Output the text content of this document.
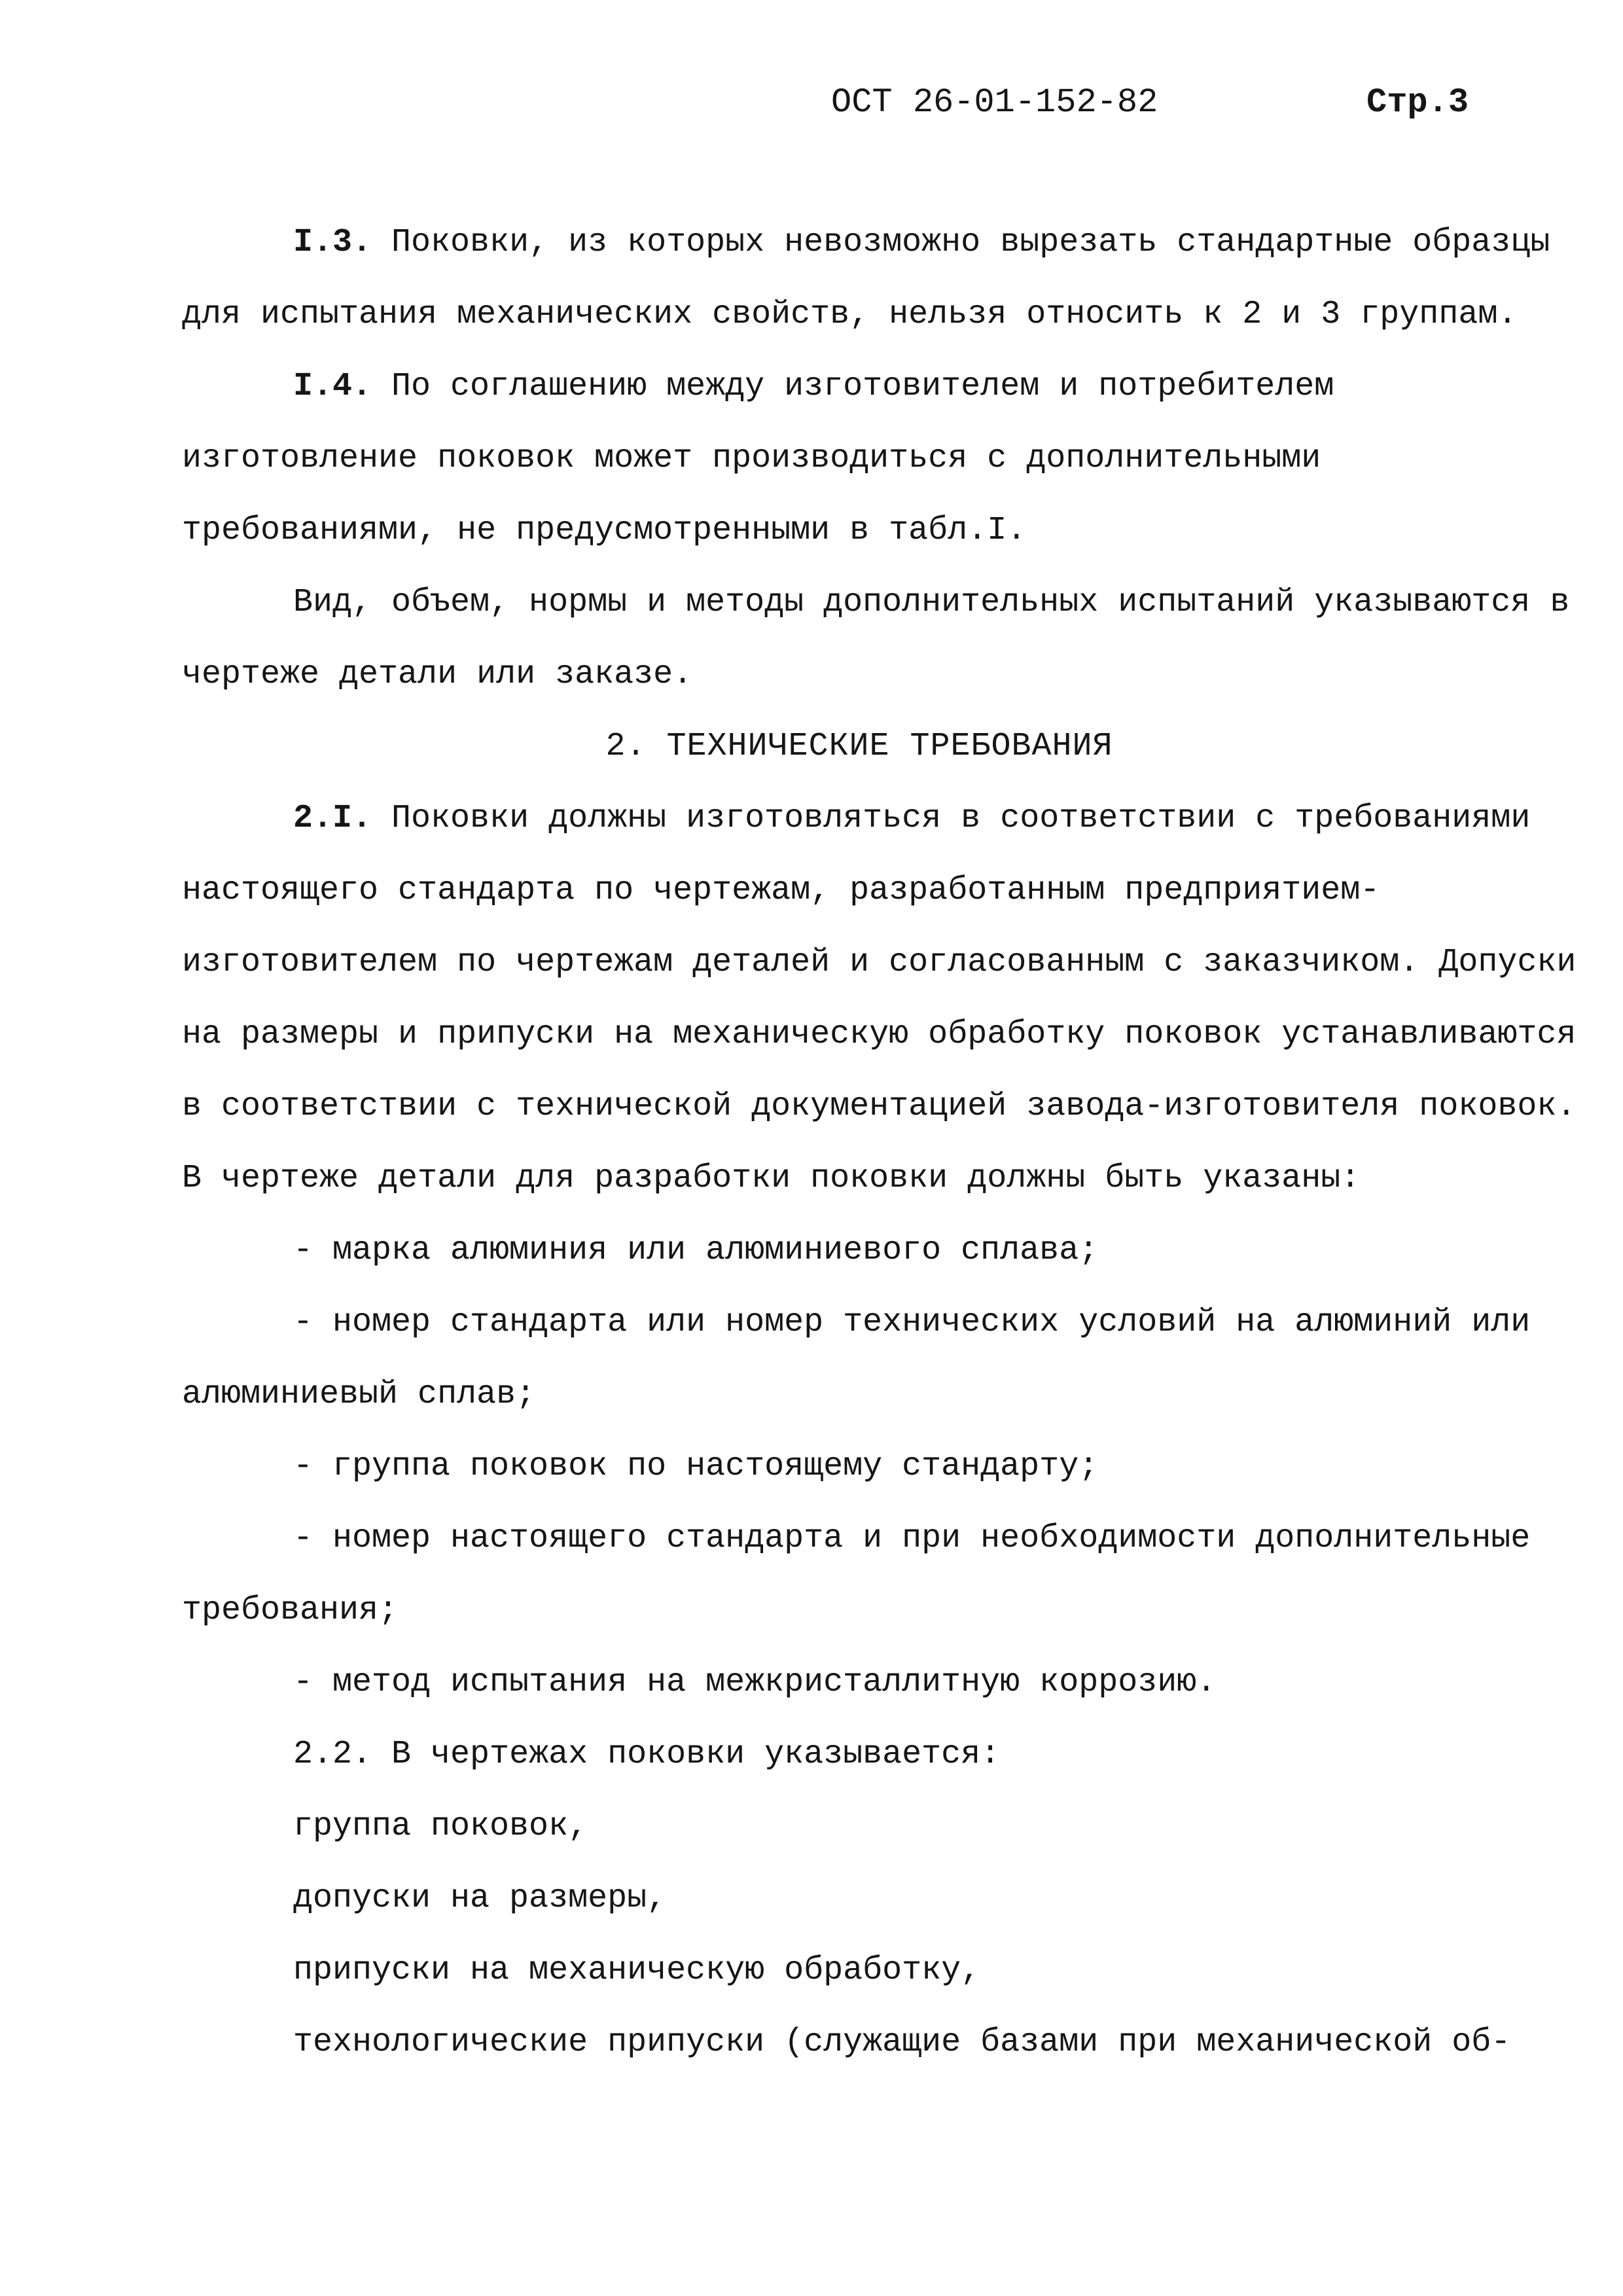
ОСТ 26-01-152-82	Стр.3

I.3. Поковки, из которых невозможно вырезать стандартные образцы для испытания механических свойств, нельзя относить к 2 и 3 группам.

I.4. По соглашению между изготовителем и потребителем изготовление поковок может производиться с дополнительными требованиями, не предусмотренными в табл.I.

Вид, объем, нормы и методы дополнительных испытаний указываются в чертеже детали или заказе.

2. ТЕХНИЧЕСКИЕ ТРЕБОВАНИЯ

2.I. Поковки должны изготовляться в соответствии с требованиями настоящего стандарта по чертежам, разработанным предприятием-изготовителем по чертежам деталей и согласованным с заказчиком. Допуски на размеры и припуски на механическую обработку поковок устанавливаются в соответствии с технической документацией завода-изготовителя поковок. В чертеже детали для разработки поковки должны быть указаны:

- марка алюминия или алюминиевого сплава;

- номер стандарта или номер технических условий на алюминий или алюминиевый сплав;

- группа поковок по настоящему стандарту;

- номер настоящего стандарта и при необходимости дополнительные требования;

- метод испытания на межкристаллитную коррозию.

2.2. В чертежах поковки указывается:

группа поковок,

допуски на размеры,

припуски на механическую обработку,

технологические припуски (служащие базами при механической об-
